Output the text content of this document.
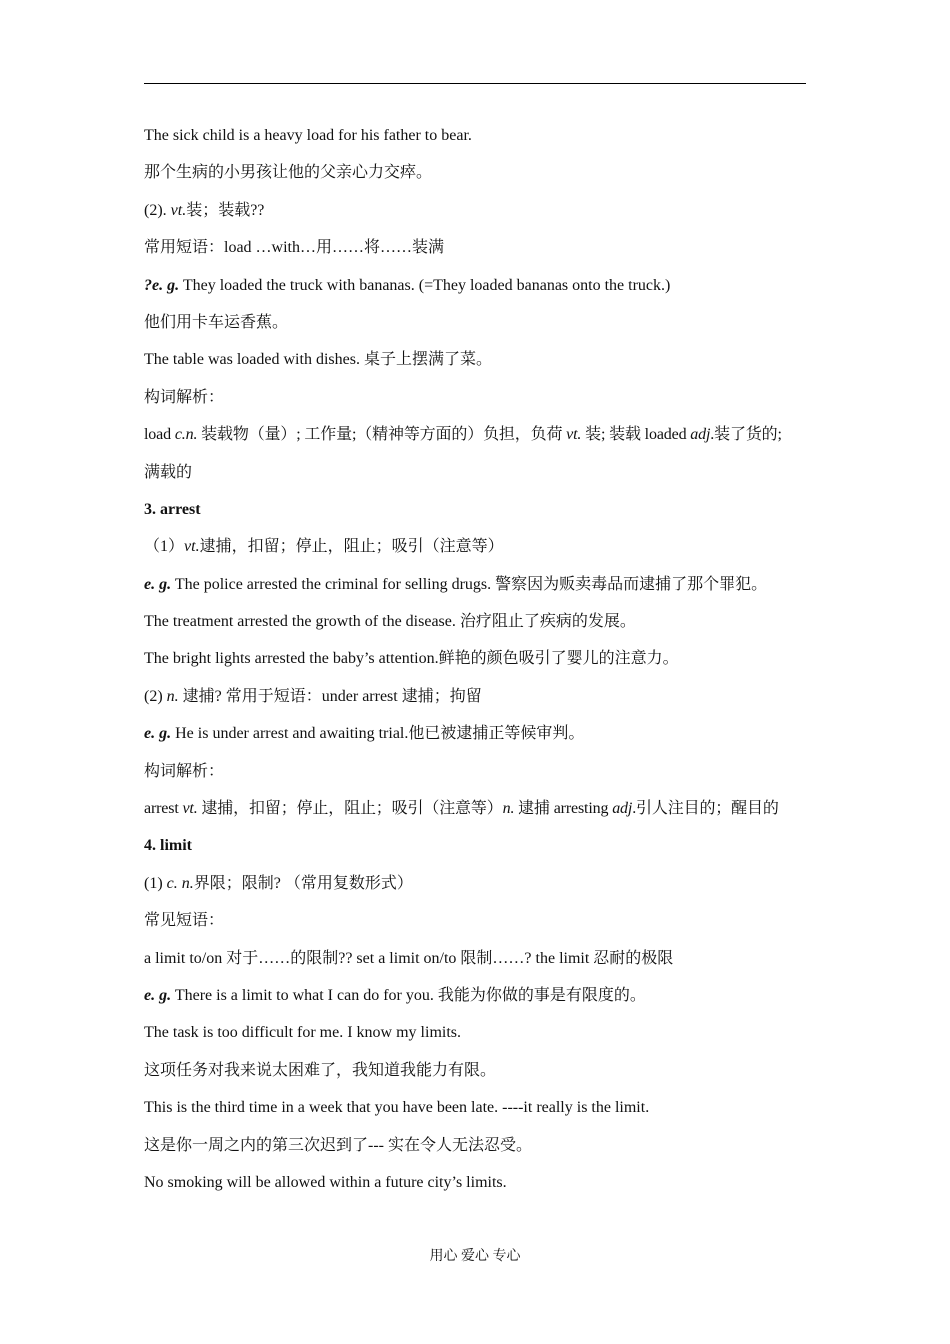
The sick child is a heavy load for his father to bear.
那个生病的小男孩让他的父亲心力交瘁。
(2). vt.装；装载??
常用短语：load …with…用……将……装满
?e. g. They loaded the truck with bananas. (=They loaded bananas onto the truck.)
他们用卡车运香蕉。
The table was loaded with dishes. 桌子上摆满了菜。
构词解析：
load c.n. 装载物（量）; 工作量;（精神等方面的）负担，负荷 vt. 装; 装载 loaded adj.装了货的;
满载的
3. arrest
（1）vt.逮捕，扣留；停止，阻止；吸引（注意等）
e. g. The police arrested the criminal for selling drugs. 警察因为贩卖毒品而逮捕了那个罪犯。
The treatment arrested the growth of the disease. 治疗阻止了疾病的发展。
The bright lights arrested the baby’s attention.鲜艳的颜色吸引了婴儿的注意力。
(2) n. 逮捕? 常用于短语：under arrest 逮捕；拘留
e. g. He is under arrest and awaiting trial.他已被逮捕正等候审判。
构词解析：
arrest vt. 逮捕，扣留；停止，阻止；吸引（注意等）n. 逮捕 arresting adj.引人注目的；醒目的
4. limit
(1) c. n.界限；限制? （常用复数形式）
常见短语：
a limit to/on 对于……的限制?? set a limit on/to 限制……? the limit 忍耐的极限
e. g. There is a limit to what I can do for you. 我能为你做的事是有限度的。
The task is too difficult for me. I know my limits.
这项任务对我来说太困难了，我知道我能力有限。
This is the third time in a week that you have been late. ----it really is the limit.
这是你一周之内的第三次迟到了--- 实在令人无法忍受。
No smoking will be allowed within a future city’s limits.
用心 爱心 专心
